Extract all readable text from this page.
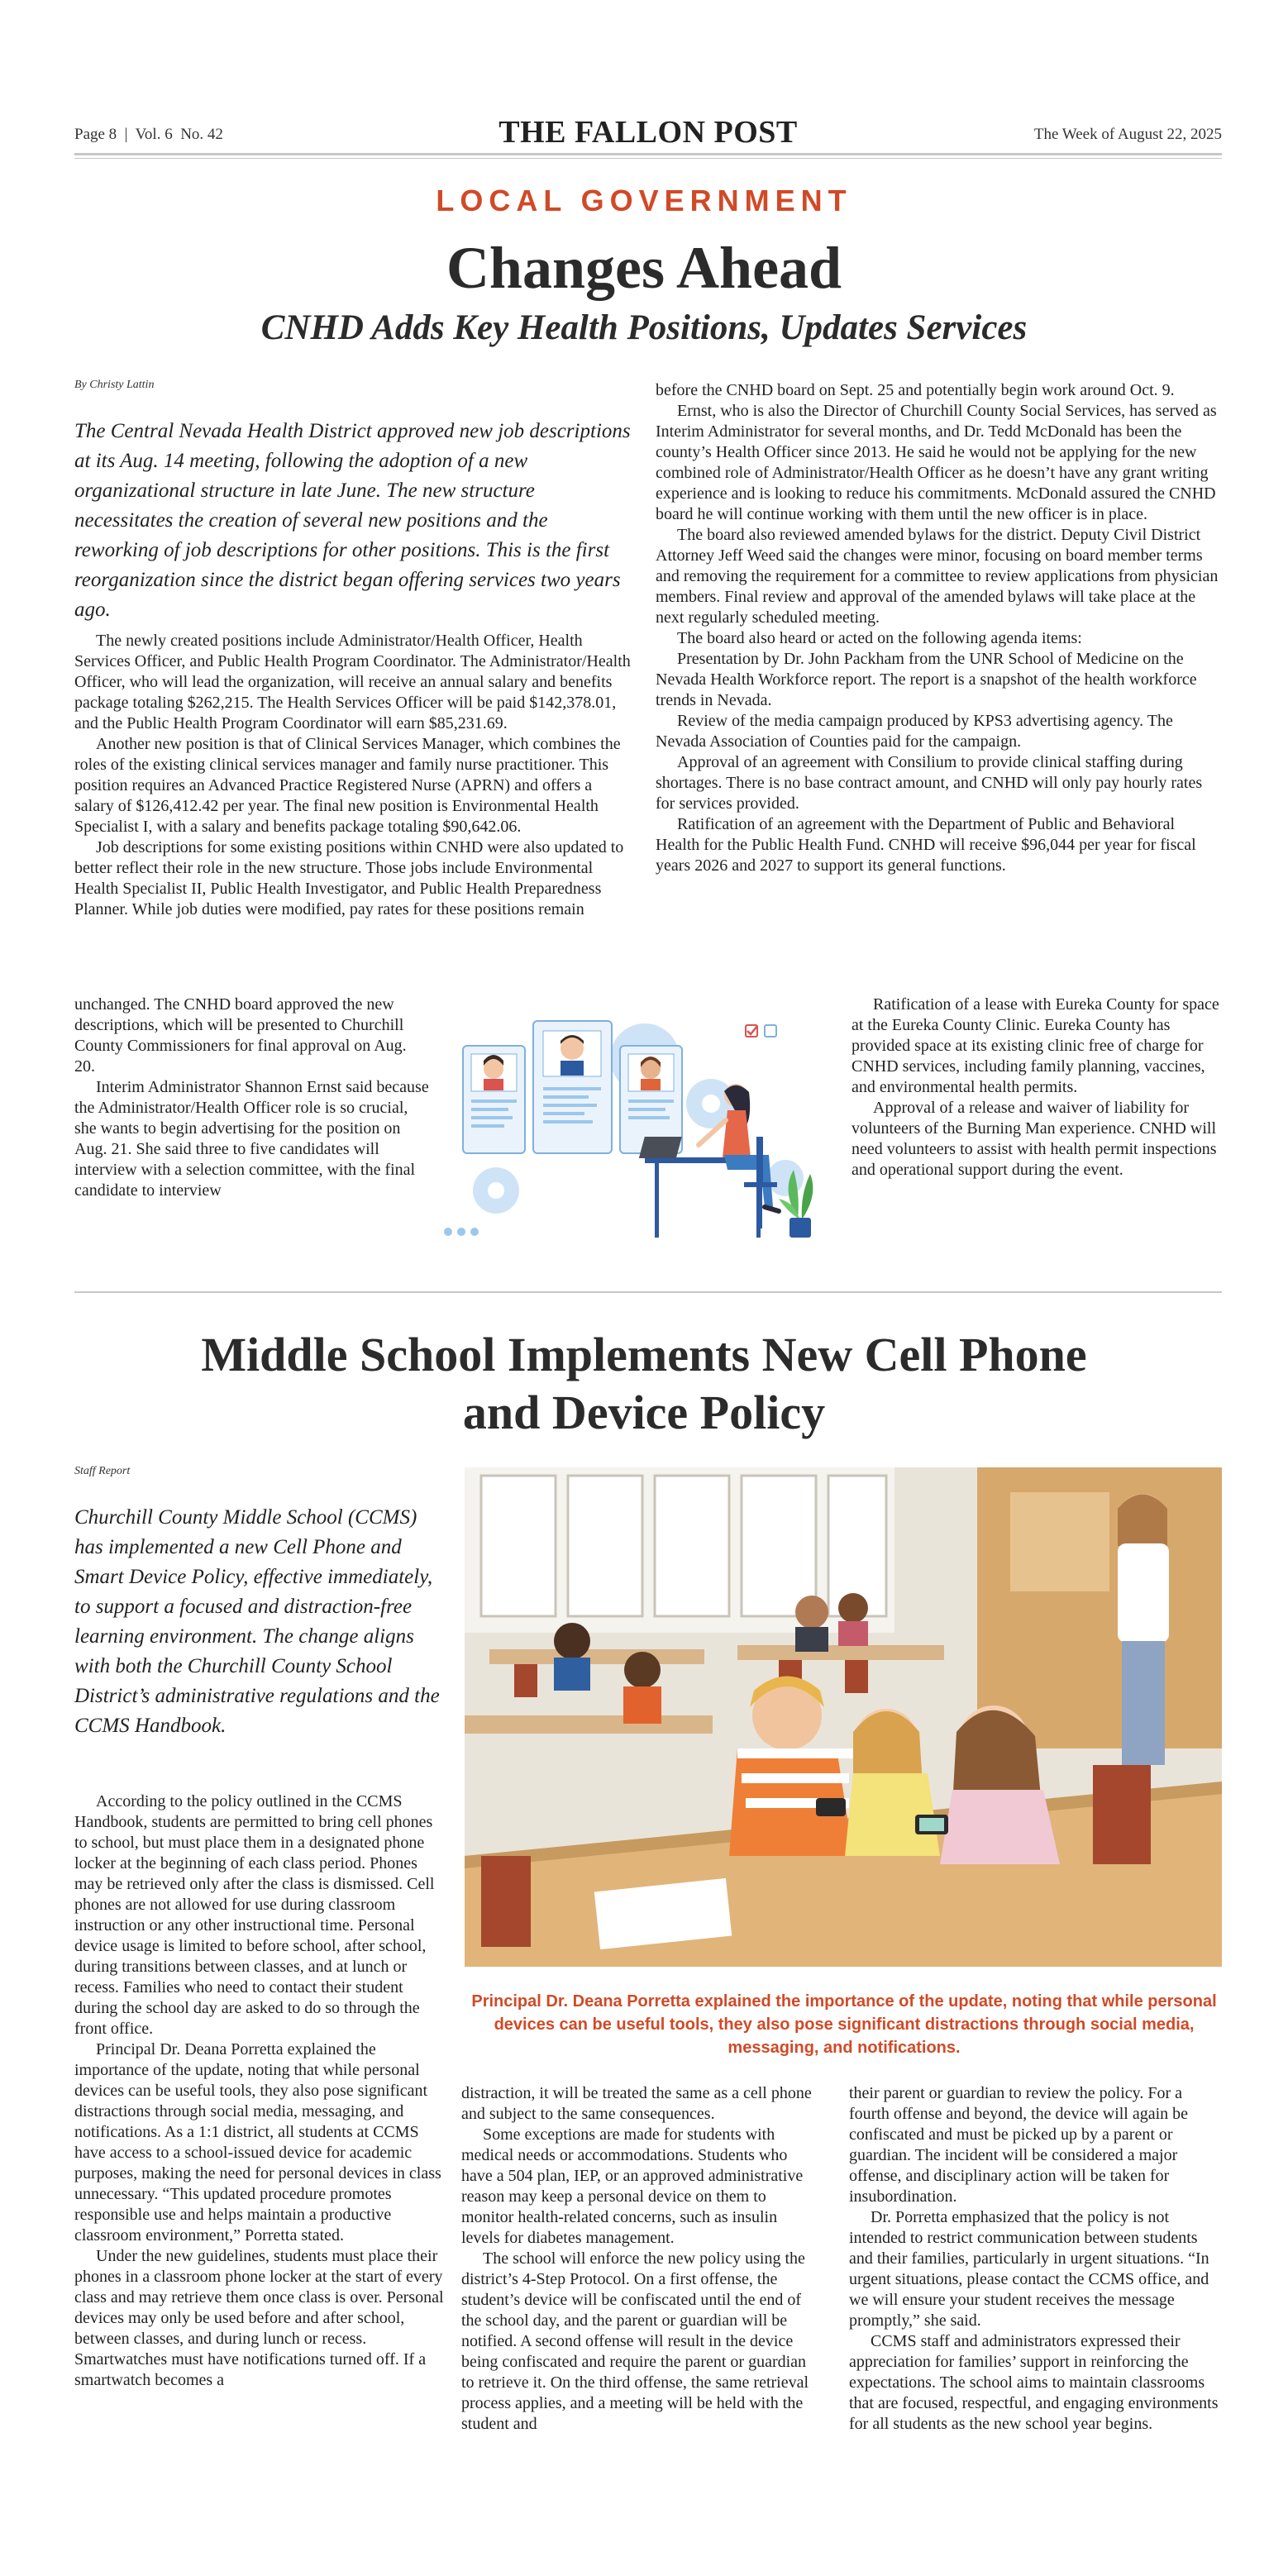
Page 8  |  Vol. 6  No. 42	THE FALLON POST	The Week of August 22, 2025
LOCAL GOVERNMENT
Changes Ahead
CNHD Adds Key Health Positions, Updates Services
By Christy Lattin
The Central Nevada Health District approved new job descriptions at its Aug. 14 meeting, following the adoption of a new organizational structure in late June. The new structure necessitates the creation of several new positions and the reworking of job descriptions for other positions. This is the first reorganization since the district began offering services two years ago.

The newly created positions include Administrator/Health Officer, Health Services Officer, and Public Health Program Coordinator. The Administrator/Health Officer, who will lead the organization, will receive an annual salary and benefits package totaling $262,215. The Health Services Officer will be paid $142,378.01, and the Public Health Program Coordinator will earn $85,231.69.

Another new position is that of Clinical Services Manager, which combines the roles of the existing clinical services manager and family nurse practitioner. This position requires an Advanced Practice Registered Nurse (APRN) and offers a salary of $126,412.42 per year. The final new position is Environmental Health Specialist I, with a salary and benefits package totaling $90,642.06.

Job descriptions for some existing positions within CNHD were also updated to better reflect their role in the new structure. Those jobs include Environmental Health Specialist II, Public Health Investigator, and Public Health Preparedness Planner. While job duties were modified, pay rates for these positions remain

unchanged. The CNHD board approved the new descriptions, which will be presented to Churchill County Commissioners for final approval on Aug. 20.

Interim Administrator Shannon Ernst said because the Administrator/Health Officer role is so crucial, she wants to begin advertising for the position on Aug. 21. She said three to five candidates will interview with a selection committee, with the final candidate to interview

before the CNHD board on Sept. 25 and potentially begin work around Oct. 9.

Ernst, who is also the Director of Churchill County Social Services, has served as Interim Administrator for several months, and Dr. Tedd McDonald has been the county’s Health Officer since 2013. He said he would not be applying for the new combined role of Administrator/Health Officer as he doesn’t have any grant writing experience and is looking to reduce his commitments. McDonald assured the CNHD board he will continue working with them until the new officer is in place.

The board also reviewed amended bylaws for the district. Deputy Civil District Attorney Jeff Weed said the changes were minor, focusing on board member terms and removing the requirement for a committee to review applications from physician members. Final review and approval of the amended bylaws will take place at the next regularly scheduled meeting.

The board also heard or acted on the following agenda items:

Presentation by Dr. John Packham from the UNR School of Medicine on the Nevada Health Workforce report. The report is a snapshot of the health workforce trends in Nevada.

Review of the media campaign produced by KPS3 advertising agency. The Nevada Association of Counties paid for the campaign.

Approval of an agreement with Consilium to provide clinical staffing during shortages. There is no base contract amount, and CNHD will only pay hourly rates for services provided.

Ratification of an agreement with the Department of Public and Behavioral Health for the Public Health Fund. CNHD will receive $96,044 per year for fiscal years 2026 and 2027 to support its general functions.

Ratification of a lease with Eureka County for space at the Eureka County Clinic. Eureka County has provided space at its existing clinic free of charge for CNHD services, including family planning, vaccines, and environmental health permits.

Approval of a release and waiver of liability for volunteers of the Burning Man experience. CNHD will need volunteers to assist with health permit inspections and operational support during the event.

Middle School Implements New Cell Phone
and Device Policy
Staff Report
Churchill County Middle School (CCMS) has implemented a new Cell Phone and Smart Device Policy, effective immediately, to support a focused and distraction-free learning environment. The change aligns with both the Churchill County School District’s administrative regulations and the CCMS Handbook.
Principal Dr. Deana Porretta explained the importance of the update, noting that while personal devices can be useful tools, they also pose significant distractions through social media, messaging, and notifications.

According to the policy outlined in the CCMS Handbook, students are permitted to bring cell phones to school, but must place them in a designated phone locker at the beginning of each class period. Phones may be retrieved only after the class is dismissed. Cell phones are not allowed for use during classroom instruction or any other instructional time. Personal device usage is limited to before school, after school, during transitions between classes, and at lunch or recess. Families who need to contact their student during the school day are asked to do so through the front office.

Principal Dr. Deana Porretta explained the importance of the update, noting that while personal devices can be useful tools, they also pose significant distractions through social media, messaging, and notifications. As a 1:1 district, all students at CCMS have access to a school-issued device for academic purposes, making the need for personal devices in class unnecessary. “This updated procedure promotes responsible use and helps maintain a productive classroom environment,” Porretta stated.

Under the new guidelines, students must place their phones in a classroom phone locker at the start of every class and may retrieve them once class is over. Personal devices may only be used before and after school, between classes, and during lunch or recess. Smartwatches must have notifications turned off. If a smartwatch becomes a

distraction, it will be treated the same as a cell phone and subject to the same consequences.

Some exceptions are made for students with medical needs or accommodations. Students who have a 504 plan, IEP, or an approved administrative reason may keep a personal device on them to monitor health-related concerns, such as insulin levels for diabetes management.

The school will enforce the new policy using the district’s 4-Step Protocol. On a first offense, the student’s device will be confiscated until the end of the school day, and the parent or guardian will be notified. A second offense will result in the device being confiscated and require the parent or guardian to retrieve it. On the third offense, the same retrieval process applies, and a meeting will be held with the student and

their parent or guardian to review the policy. For a fourth offense and beyond, the device will again be confiscated and must be picked up by a parent or guardian. The incident will be considered a major offense, and disciplinary action will be taken for insubordination.

Dr. Porretta emphasized that the policy is not intended to restrict communication between students and their families, particularly in urgent situations. “In urgent situations, please contact the CCMS office, and we will ensure your student receives the message promptly,” she said.

CCMS staff and administrators expressed their appreciation for families’ support in reinforcing the expectations. The school aims to maintain classrooms that are focused, respectful, and engaging environments for all students as the new school year begins.
